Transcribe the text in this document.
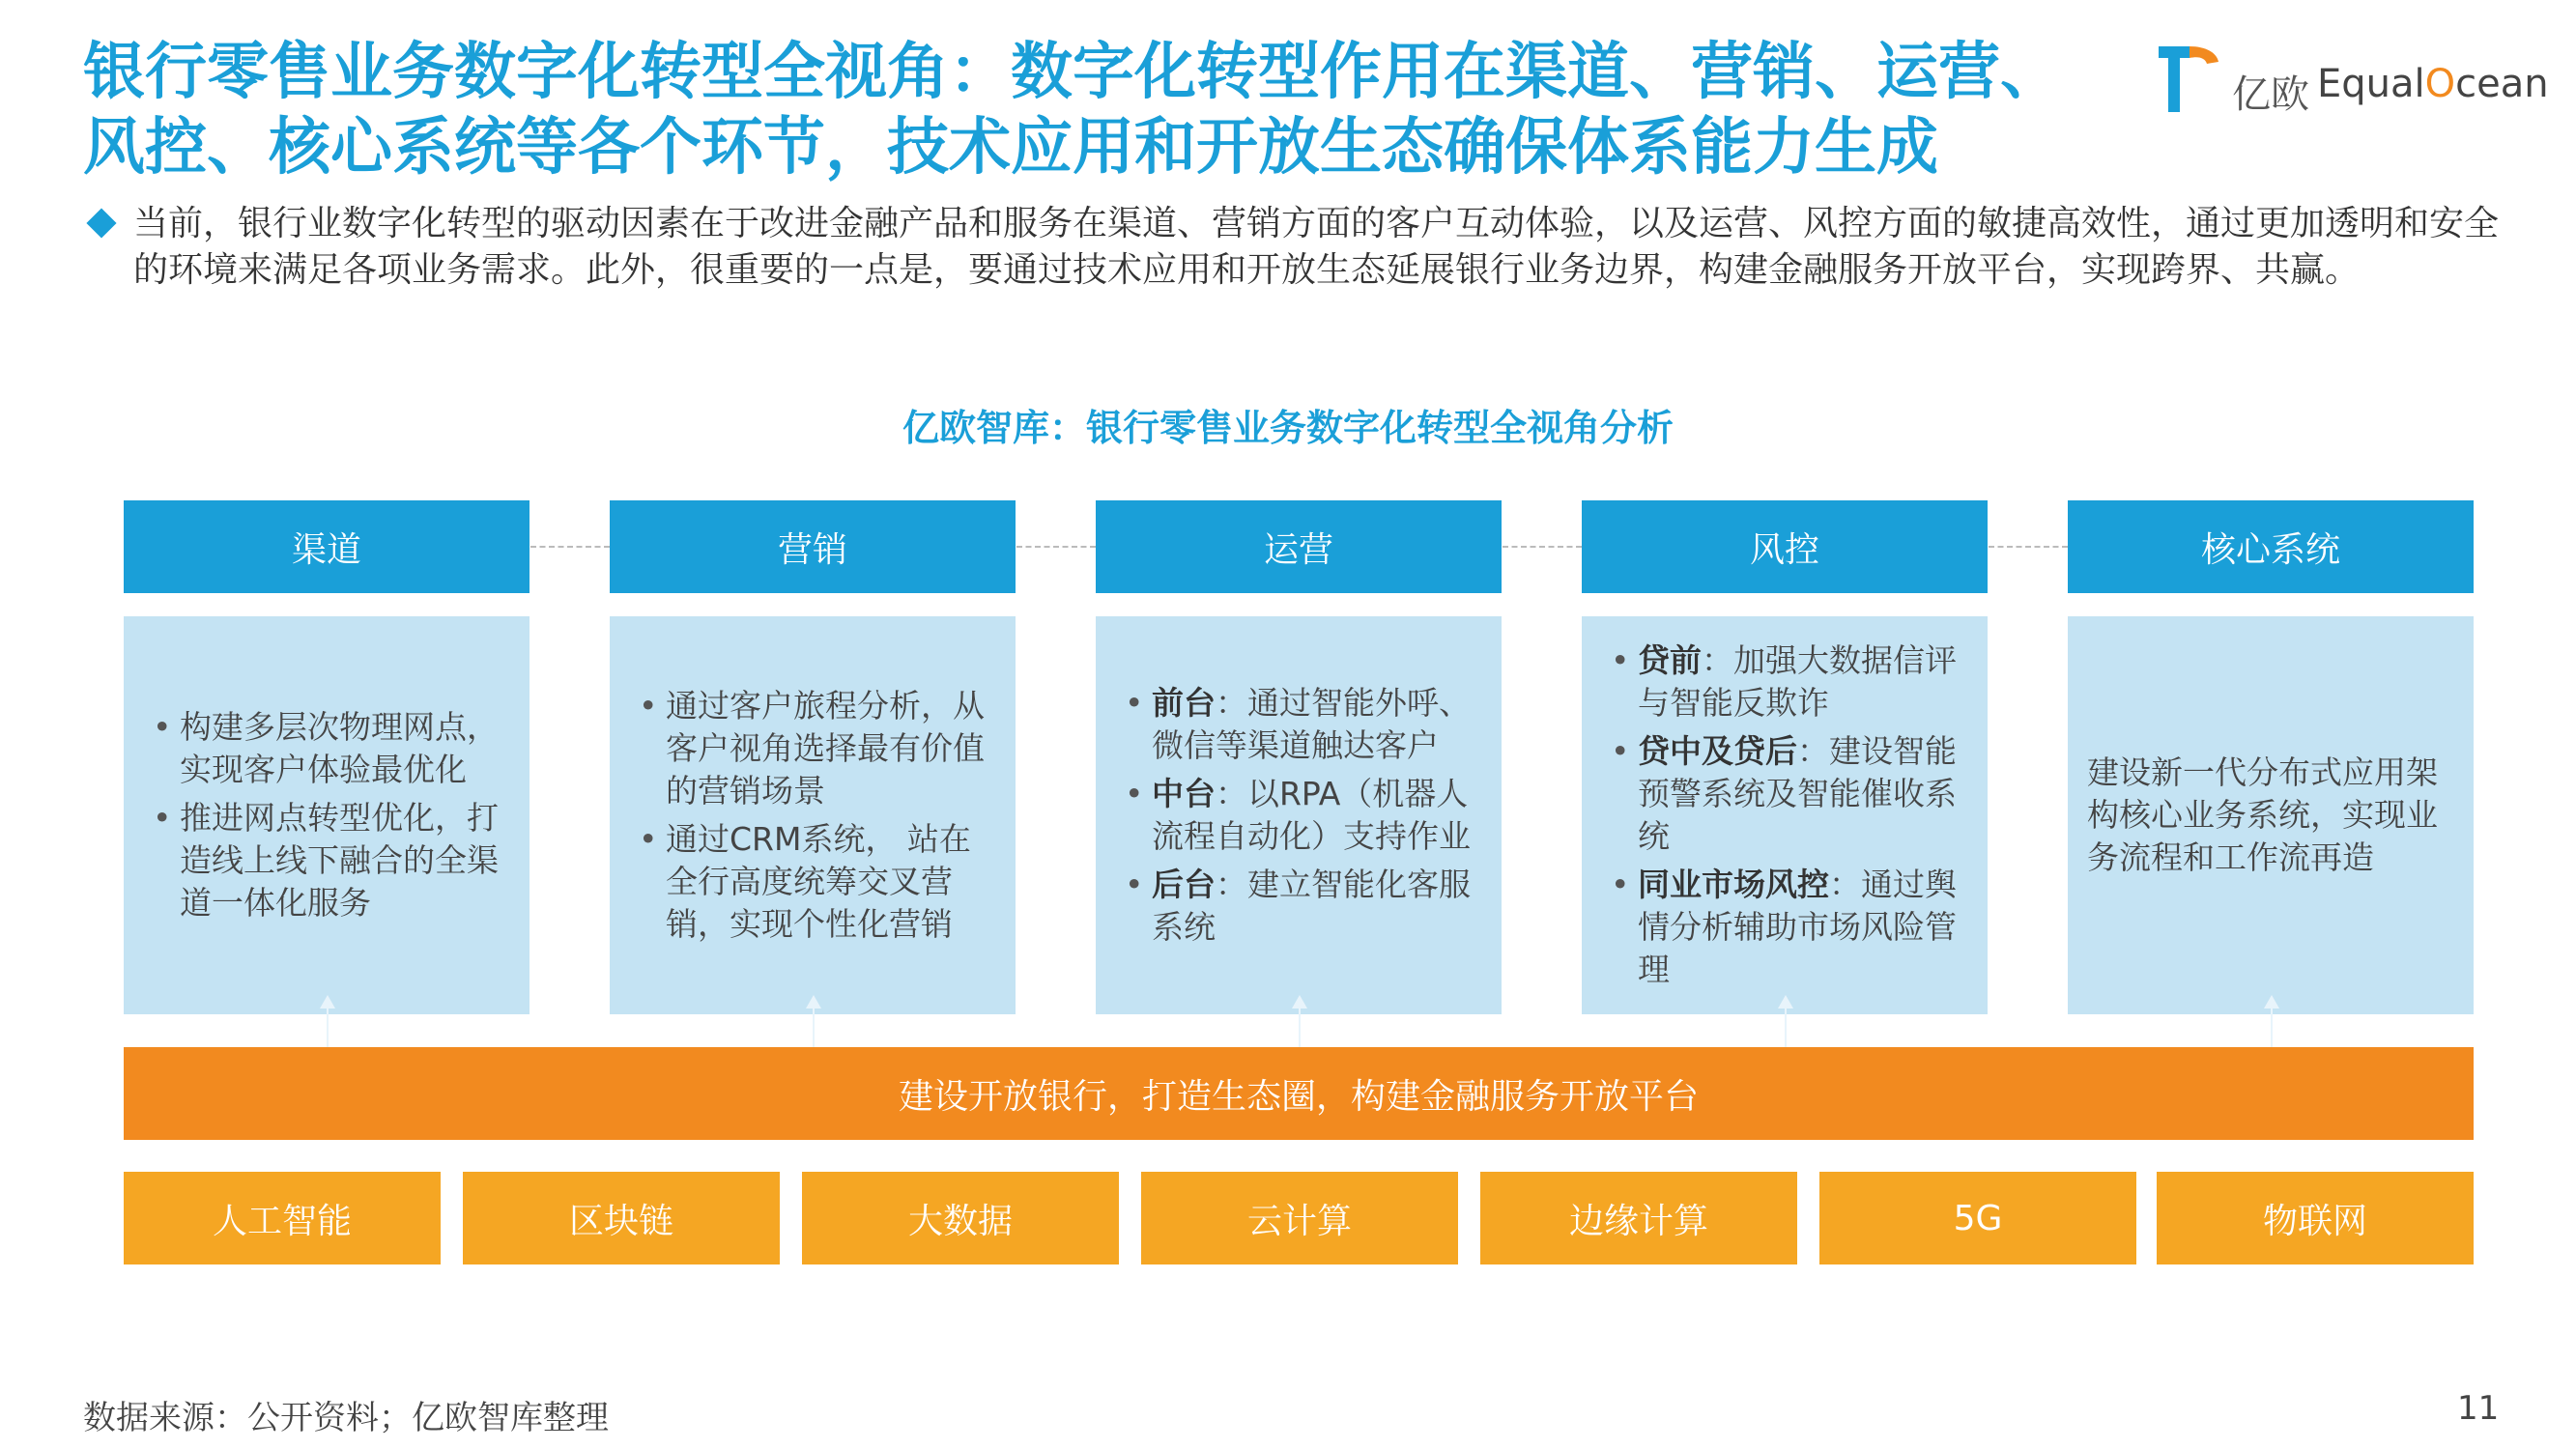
银行零售业务数字化转型全视角：数字化转型作用在渠道、营销、运营、风控、核心系统等各个环节，技术应用和开放生态确保体系能力生成
亿欧 EqualOcean

当前，银行业数字化转型的驱动因素在于改进金融产品和服务在渠道、营销方面的客户互动体验，以及运营、风控方面的敏捷高效性，通过更加透明和安全的环境来满足各项业务需求。此外，很重要的一点是，要通过技术应用和开放生态延展银行业务边界，构建金融服务开放平台，实现跨界、共赢。

亿欧智库：银行零售业务数字化转型全视角分析
渠道	营销	运营	风控	核心系统
• 构建多层次物理网点，实现客户体验最优化
• 推进网点转型优化，打造线上线下融合的全渠道一体化服务
• 通过客户旅程分析，从客户视角选择最有价值的营销场景
• 通过CRM系统， 站在全行高度统筹交叉营销，实现个性化营销
• 前台：通过智能外呼、微信等渠道触达客户
• 中台：以RPA（机器人流程自动化）支持作业
• 后台：建立智能化客服系统
• 贷前：加强大数据信评与智能反欺诈
• 贷中及贷后：建设智能预警系统及智能催收系统
• 同业市场风控：通过舆情分析辅助市场风险管理

建设新一代分布式应用架构核心业务系统，实现业务流程和工作流再造

建设开放银行，打造生态圈，构建金融服务开放平台
人工智能	区块链	大数据	云计算	边缘计算	5G	物联网
数据来源：公开资料；亿欧智库整理	11
